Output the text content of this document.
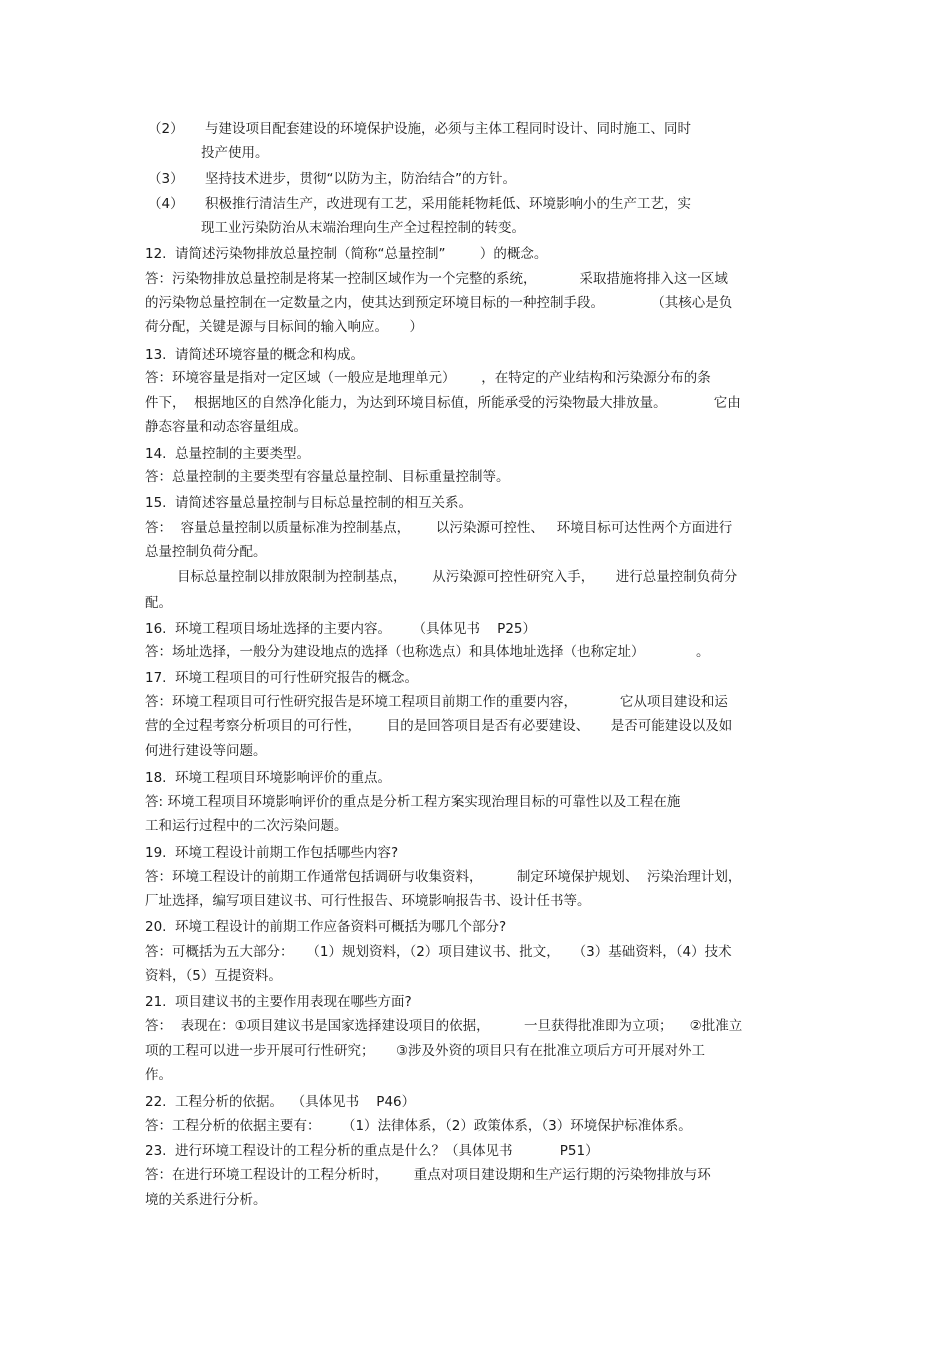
（2）     与建设项目配套建设的环境保护设施，必须与主体工程同时设计、同时施工、同时
投产使用。
（3）     坚持技术进步，贯彻“以防为主，防治结合”的方针。
（4）     积极推行清洁生产，改进现有工艺，采用能耗物耗低、环境影响小的生产工艺，实
现工业污染防治从末端治理向生产全过程控制的转变。
12.  请简述污染物排放总量控制（简称“总量控制”        ）的概念。
答：污染物排放总量控制是将某一控制区域作为一个完整的系统，          采取措施将排入这一区域
的污染物总量控制在一定数量之内，使其达到预定环境目标的一种控制手段。           （其核心是负
荷分配，关键是源与目标间的输入响应。     ）
13.  请简述环境容量的概念和构成。
答：环境容量是指对一定区域（一般应是地理单元）      ，在特定的产业结构和污染源分布的条
件下，  根据地区的自然净化能力，为达到环境目标值，所能承受的污染物最大排放量。           它由
静态容量和动态容量组成。
14.  总量控制的主要类型。
答：总量控制的主要类型有容量总量控制、目标重量控制等。
15.  请简述容量总量控制与目标总量控制的相互关系。
答：  容量总量控制以质量标准为控制基点，      以污染源可控性、   环境目标可达性两个方面进行
总量控制负荷分配。
目标总量控制以排放限制为控制基点，      从污染源可控性研究入手，     进行总量控制负荷分
配。
16.  环境工程项目场址选择的主要内容。     （具体见书    P25）
答：场址选择，一般分为建设地点的选择（也称选点）和具体地址选择（也称定址）            。
17.  环境工程项目的可行性研究报告的概念。
答：环境工程项目可行性研究报告是环境工程项目前期工作的重要内容，          它从项目建设和运
营的全过程考察分析项目的可行性，      目的是回答项目是否有必要建设、     是否可能建设以及如
何进行建设等问题。
18.  环境工程项目环境影响评价的重点。
答: 环境工程项目环境影响评价的重点是分析工程方案实现治理目标的可靠性以及工程在施
工和运行过程中的二次污染问题。
19.  环境工程设计前期工作包括哪些内容?
答：环境工程设计的前期工作通常包括调研与收集资料，        制定环境保护规划、  污染治理计划，
厂址选择，编写项目建议书、可行性报告、环境影响报告书、设计任书等。
20.  环境工程设计的前期工作应备资料可概括为哪几个部分?
答：可概括为五大部分：   （1）规划资料，（2）项目建议书、批文，   （3）基础资料，（4）技术
资料，（5）互提资料。
21.  项目建议书的主要作用表现在哪些方面?
答：  表现在：①项目建议书是国家选择建设项目的依据，        一旦获得批准即为立项；    ②批准立
项的工程可以进一步开展可行性研究；     ③涉及外资的项目只有在批准立项后方可开展对外工
作。
22.  工程分析的依据。  （具体见书    P46）
答：工程分析的依据主要有：     （1）法律体系，（2）政策体系，（3）环境保护标准体系。
23.  进行环境工程设计的工程分析的重点是什么？（具体见书           P51）
答：在进行环境工程设计的工程分析时，      重点对项目建设期和生产运行期的污染物排放与环
境的关系进行分析。
